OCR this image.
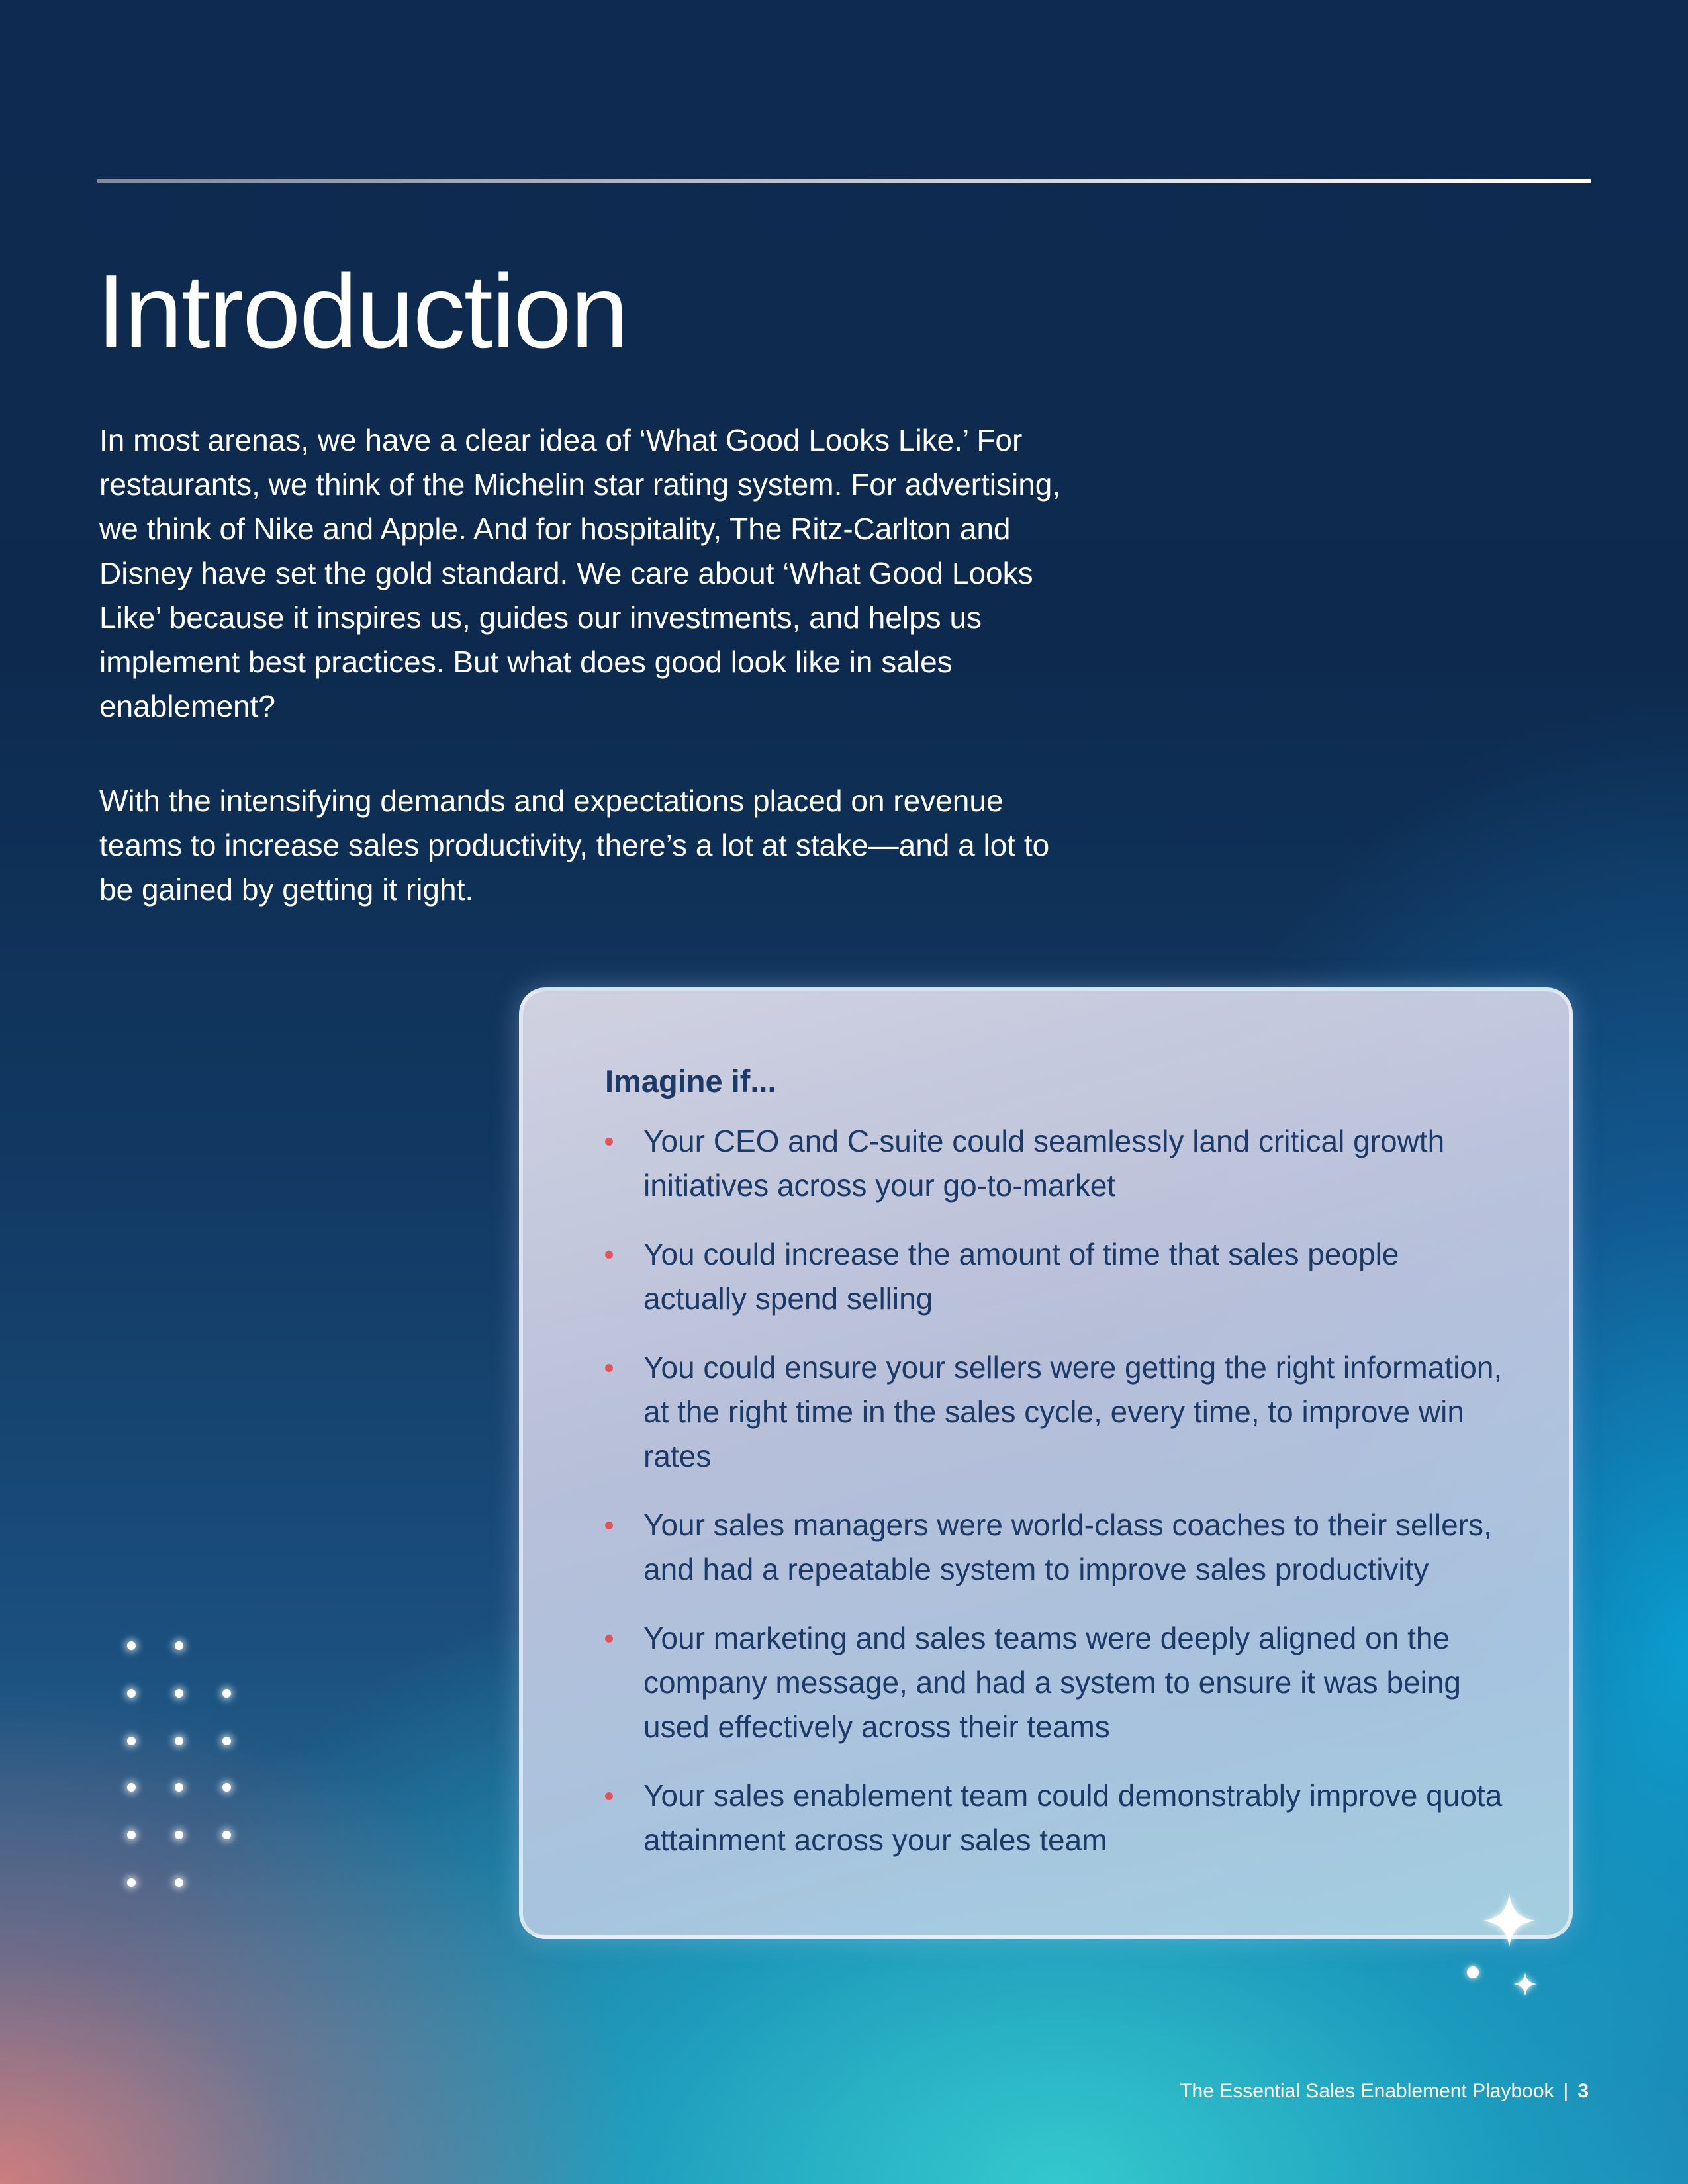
Introduction

In most arenas, we have a clear idea of ‘What Good Looks Like.’ For restaurants, we think of the Michelin star rating system. For advertising, we think of Nike and Apple. And for hospitality, The Ritz-Carlton and Disney have set the gold standard. We care about ‘What Good Looks Like’ because it inspires us, guides our investments, and helps us implement best practices. But what does good look like in sales enablement?

With the intensifying demands and expectations placed on revenue teams to increase sales productivity, there’s a lot at stake—and a lot to be gained by getting it right.

Imagine if...
Your CEO and C-suite could seamlessly land critical growth initiatives across your go-to-market
You could increase the amount of time that sales people actually spend selling
You could ensure your sellers were getting the right information, at the right time in the sales cycle, every time, to improve win rates
Your sales managers were world-class coaches to their sellers, and had a repeatable system to improve sales productivity
Your marketing and sales teams were deeply aligned on the company message, and had a system to ensure it was being used effectively across their teams
Your sales enablement team could demonstrably improve quota attainment across your sales team
The Essential Sales Enablement Playbook | 3
